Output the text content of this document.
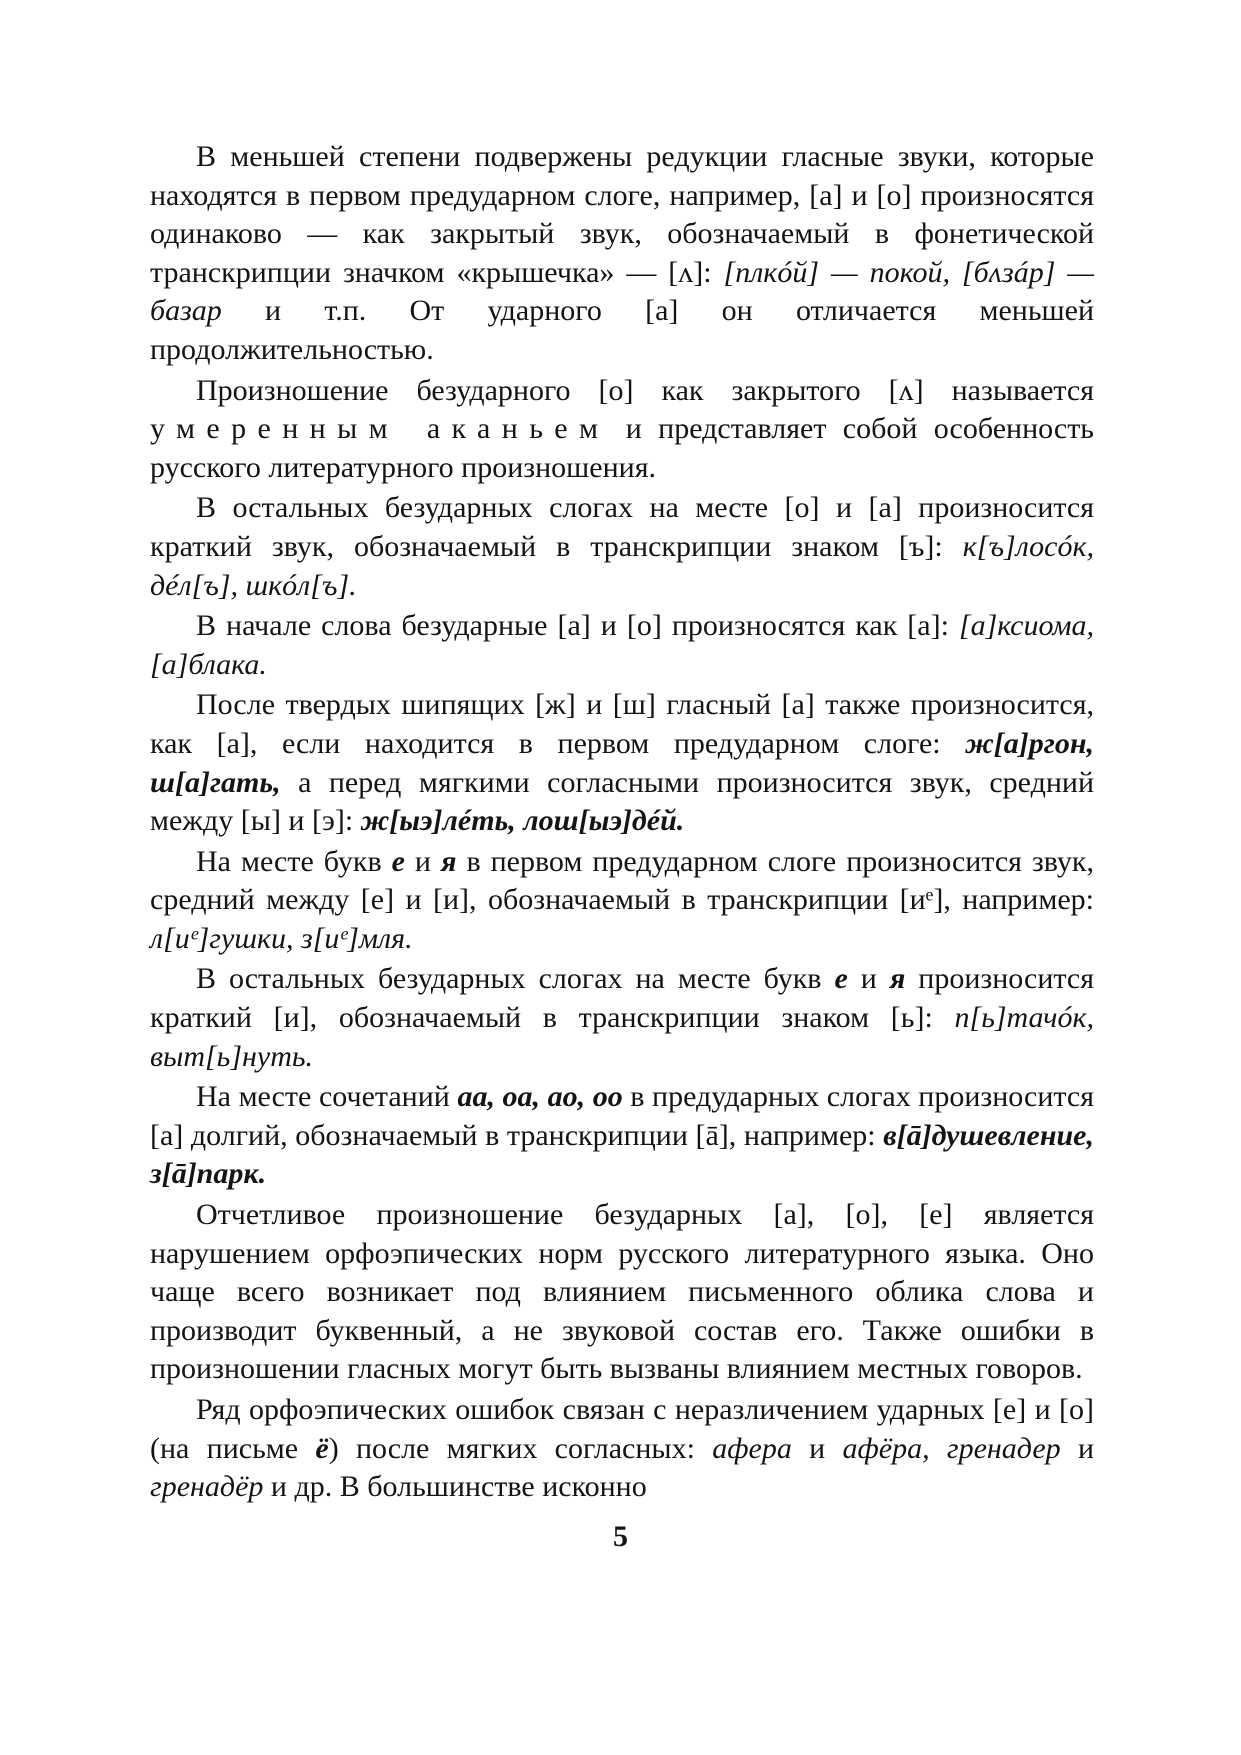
В меньшей степени подвержены редукции гласные звуки, которые находятся в первом предударном слоге, например, [а] и [о] произносятся одинаково — как закрытый звук, обозначаемый в фонетической транскрипции значком «крышечка» — [ʌ]: [плкóй] — покой, [бʌзáр] — базар и т.п. От ударного [а] он отличается меньшей продолжительностью.

Произношение безударного [о] как закрытого [ʌ] называется умеренным аканьем и представляет собой особенность русского литературного произношения.

В остальных безударных слогах на месте [о] и [а] произносится краткий звук, обозначаемый в транскрипции знаком [ъ]: к[ъ]лосóк, дéл[ъ], шкóл[ъ].

В начале слова безударные [а] и [о] произносятся как [а]: [а]ксиома, [а]блака.

После твердых шипящих [ж] и [ш] гласный [а] также произносится, как [а], если находится в первом предударном слоге: ж[а]ргон, ш[а]гать, а перед мягкими согласными произносится звук, средний между [ы] и [э]: ж[ыэ]лéть, лош[ыэ]дéй.

На месте букв е и я в первом предударном слоге произносится звук, средний между [е] и [и], обозначаемый в транскрипции [иᵉ], например: л[иᵉ]гушки, з[иᵉ]мля.

В остальных безударных слогах на месте букв е и я произносится краткий [и], обозначаемый в транскрипции знаком [ь]: п[ь]тачóк, выт[ь]нуть.

На месте сочетаний аа, оа, ао, оо в предударных слогах произносится [а] долгий, обозначаемый в транскрипции [ā], например: в[ā]душевление, з[ā]парк.

Отчетливое произношение безударных [а], [о], [е] является нарушением орфоэпических норм русского литературного языка. Оно чаще всего возникает под влиянием письменного облика слова и производит буквенный, а не звуковой состав его. Также ошибки в произношении гласных могут быть вызваны влиянием местных говоров.

Ряд орфоэпических ошибок связан с неразличением ударных [е] и [о] (на письме ё) после мягких согласных: афера и афёра, гренадер и гренадёр и др. В большинстве исконно

5
